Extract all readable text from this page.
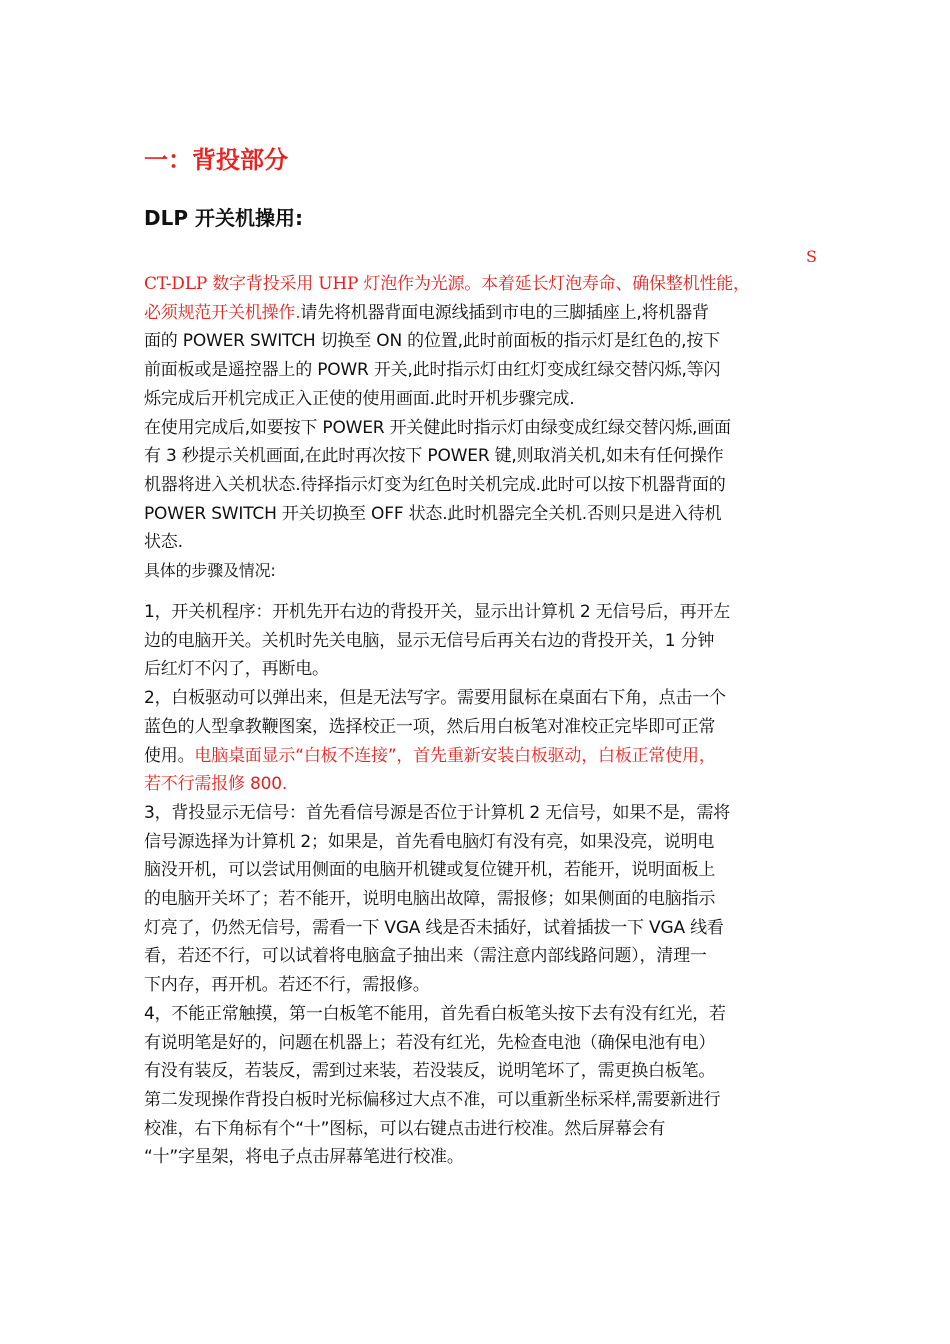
一：背投部分
DLP 开关机操用:
S
CT-DLP 数字背投采用 UHP 灯泡作为光源。本着延长灯泡寿命、确保整机性能，
必须规范开关机操作.请先将机器背面电源线插到市电的三脚插座上,将机器背
面的 POWER SWITCH 切换至 ON 的位置,此时前面板的指示灯是红色的,按下
前面板或是遥控器上的 POWR 开关,此时指示灯由红灯变成红绿交替闪烁,等闪
烁完成后开机完成正入正使的使用画面.此时开机步骤完成.
在使用完成后,如要按下 POWER 开关健此时指示灯由绿变成红绿交替闪烁,画面
有 3 秒提示关机画面,在此时再次按下 POWER 键,则取消关机,如未有任何操作
机器将进入关机状态.待择指示灯变为红色时关机完成.此时可以按下机器背面的
POWER SWITCH 开关切换至 OFF 状态.此时机器完全关机.否则只是进入待机
状态.
具体的步骤及情况:
1，开关机程序：开机先开右边的背投开关，显示出计算机 2 无信号后，再开左
边的电脑开关。关机时先关电脑，显示无信号后再关右边的背投开关，1 分钟
后红灯不闪了，再断电。
2，白板驱动可以弹出来，但是无法写字。需要用鼠标在桌面右下角，点击一个
蓝色的人型拿教鞭图案，选择校正一项，然后用白板笔对准校正完毕即可正常
使用。电脑桌面显示“白板不连接”，首先重新安装白板驱动，白板正常使用，
若不行需报修 800.
3，背投显示无信号：首先看信号源是否位于计算机 2 无信号，如果不是，需将
信号源选择为计算机 2；如果是，首先看电脑灯有没有亮，如果没亮，说明电
脑没开机，可以尝试用侧面的电脑开机键或复位键开机，若能开，说明面板上
的电脑开关坏了；若不能开，说明电脑出故障，需报修；如果侧面的电脑指示
灯亮了，仍然无信号，需看一下 VGA 线是否未插好，试着插拔一下 VGA 线看
看，若还不行，可以试着将电脑盒子抽出来（需注意内部线路问题），清理一
下内存，再开机。若还不行，需报修。
4，不能正常触摸，第一白板笔不能用，首先看白板笔头按下去有没有红光，若
有说明笔是好的，问题在机器上；若没有红光，先检查电池（确保电池有电）
有没有装反，若装反，需到过来装，若没装反，说明笔坏了，需更换白板笔。
第二发现操作背投白板时光标偏移过大点不准，可以重新坐标采样,需要新进行
校准，右下角标有个“十”图标，可以右键点击进行校准。然后屏幕会有
“十”字星架，将电子点击屏幕笔进行校准。
